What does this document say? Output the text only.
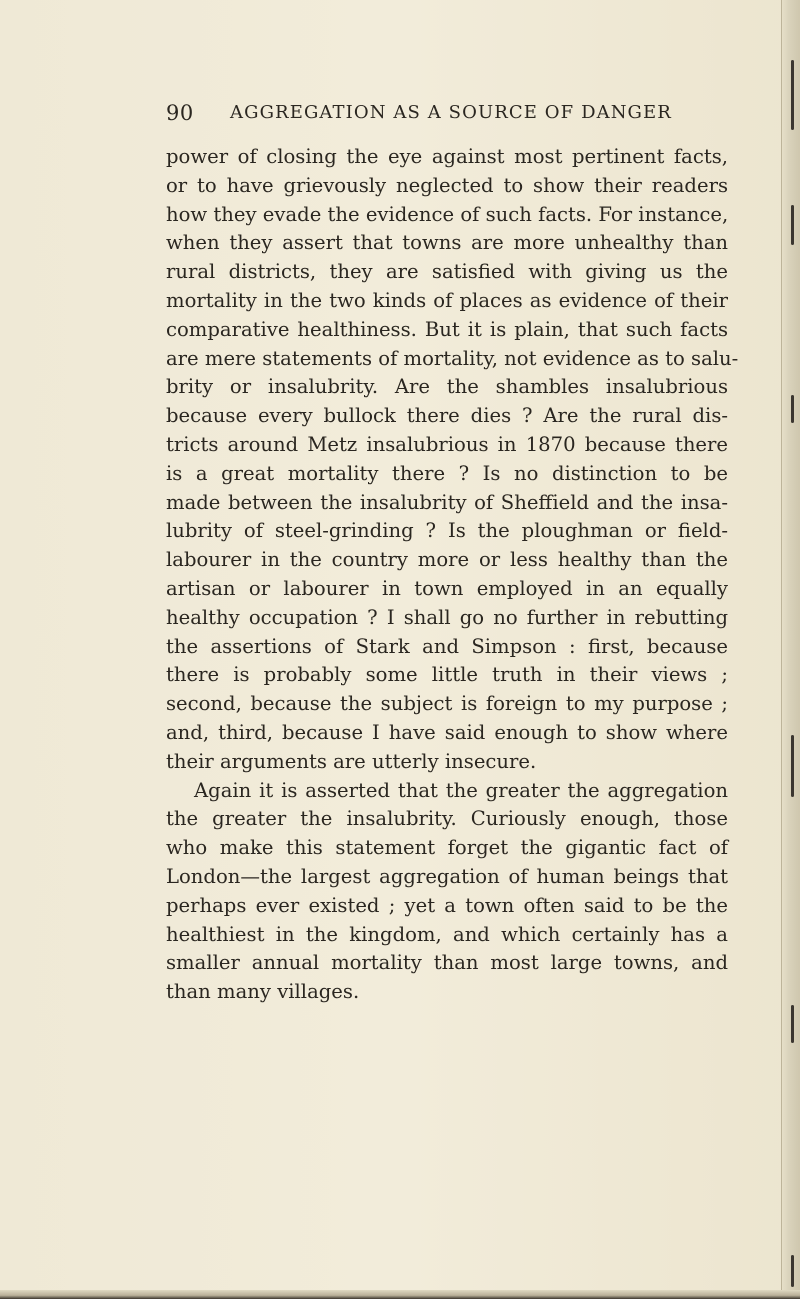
90 AGGREGATION AS A SOURCE OF DANGER
power of closing the eye against most pertinent facts,
or to have grievously neglected to show their readers
how they evade the evidence of such facts. For instance,
when they assert that towns are more unhealthy than
rural districts, they are satisfied with giving us the
mortality in the two kinds of places as evidence of their
comparative healthiness. But it is plain, that such facts
are mere statements of mortality, not evidence as to salu-
brity or insalubrity. Are the shambles insalubrious
because every bullock there dies ? Are the rural dis-
tricts around Metz insalubrious in 1870 because there
is a great mortality there ? Is no distinction to be
made between the insalubrity of Sheffield and the insa-
lubrity of steel-grinding ? Is the ploughman or field-
labourer in the country more or less healthy than the
artisan or labourer in town employed in an equally
healthy occupation ? I shall go no further in rebutting
the assertions of Stark and Simpson : first, because
there is probably some little truth in their views ;
second, because the subject is foreign to my purpose ;
and, third, because I have said enough to show where
their arguments are utterly insecure.
Again it is asserted that the greater the aggregation
the greater the insalubrity. Curiously enough, those
who make this statement forget the gigantic fact of
London—the largest aggregation of human beings that
perhaps ever existed ; yet a town often said to be the
healthiest in the kingdom, and which certainly has a
smaller annual mortality than most large towns, and
than many villages.
